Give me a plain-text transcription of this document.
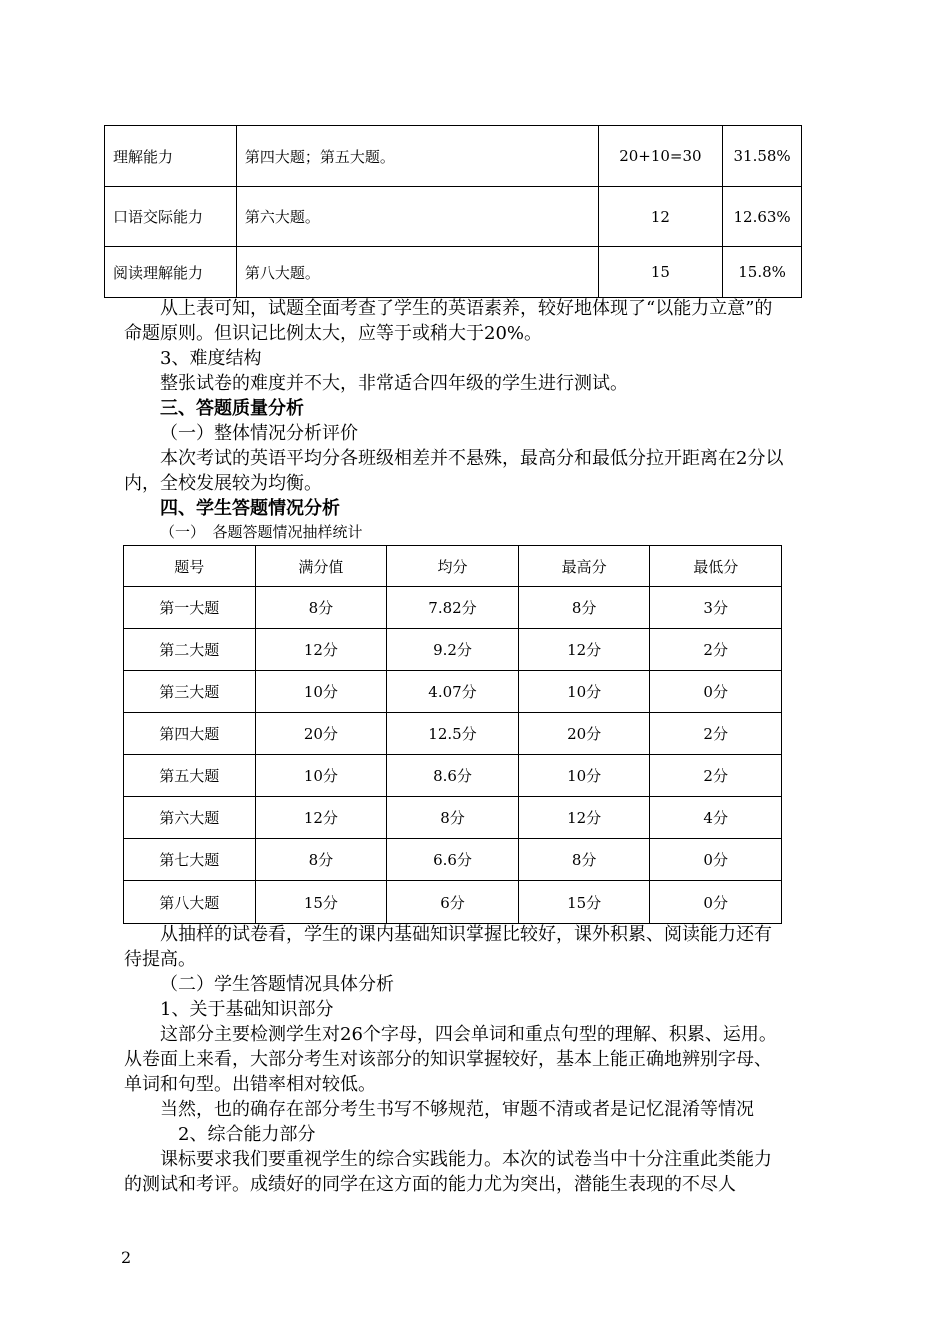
理解能力	第四大题；第五大题。	20+10=30	31.58%
口语交际能力	第六大题。	12	12.63%
阅读理解能力	第八大题。	15	15.8%

从上表可知，试题全面考查了学生的英语素养，较好地体现了“以能力立意”的命题原则。但识记比例太大，应等于或稍大于20%。

3、难度结构

整张试卷的难度并不大，非常适合四年级的学生进行测试。

三、答题质量分析

（一）整体情况分析评价

本次考试的英语平均分各班级相差并不悬殊，最高分和最低分拉开距离在2分以内，全校发展较为均衡。

四、学生答题情况分析

（一）　各题答题情况抽样统计

题号	满分值	均分	最高分	最低分
第一大题	8分	7.82分	8分	3分
第二大题	12分	9.2分	12分	2分
第三大题	10分	4.07分	10分	0分
第四大题	20分	12.5分	20分	2分
第五大题	10分	8.6分	10分	2分
第六大题	12分	8分	12分	4分
第七大题	8分	6.6分	8分	0分
第八大题	15分	6分	15分	0分

从抽样的试卷看，学生的课内基础知识掌握比较好，课外积累、阅读能力还有待提高。

（二）学生答题情况具体分析

1、关于基础知识部分

这部分主要检测学生对26个字母，四会单词和重点句型的理解、积累、运用。从卷面上来看，大部分考生对该部分的知识掌握较好，基本上能正确地辨别字母、单词和句型。出错率相对较低。

当然，也的确存在部分考生书写不够规范，审题不清或者是记忆混淆等情况

2、综合能力部分

课标要求我们要重视学生的综合实践能力。本次的试卷当中十分注重此类能力的测试和考评。成绩好的同学在这方面的能力尤为突出，潜能生表现的不尽人

2
